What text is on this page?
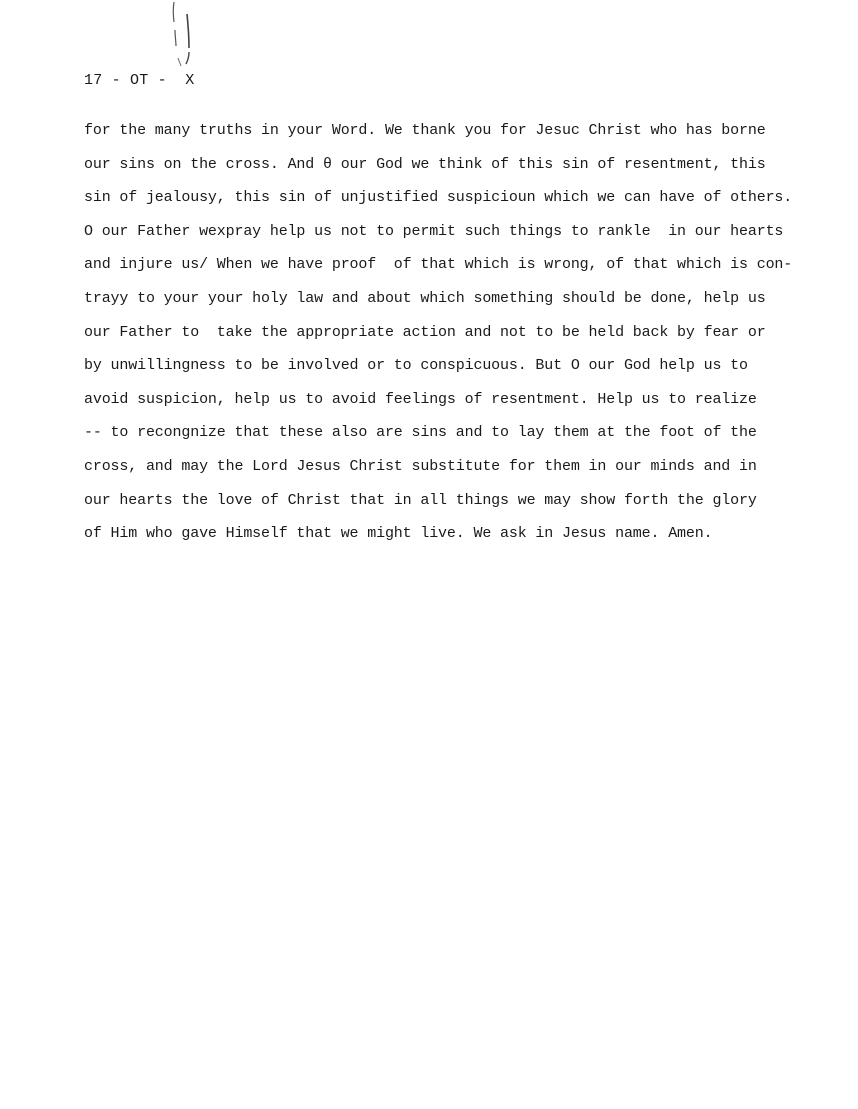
17 - OT -  X
for the many truths in your Word. We thank you for Jesuc Christ who has borne
our sins on the cross. And θ our God we think of this sin of resentment, this
sin of jealousy, this sin of unjustified suspicioun which we can have of others.
O our Father wexpray help us not to permit such things to rankle  in our hearts
and injure us/ When we have proof  of that which is wrong, of that which is con-
trayy to your your holy law and about which something should be done, help us
our Father to  take the appropriate action and not to be held back by fear or
by unwillingness to be involved or to conspicuous. But O our God help us to
avoid suspicion, help us to avoid feelings of resentment. Help us to realize
-- to recongnize that these also are sins and to lay them at the foot of the
cross, and may the Lord Jesus Christ substitute for them in our minds and in
our hearts the love of Christ that in all things we may show forth the glory
of Him who gave Himself that we might live. We ask in Jesus name. Amen.
